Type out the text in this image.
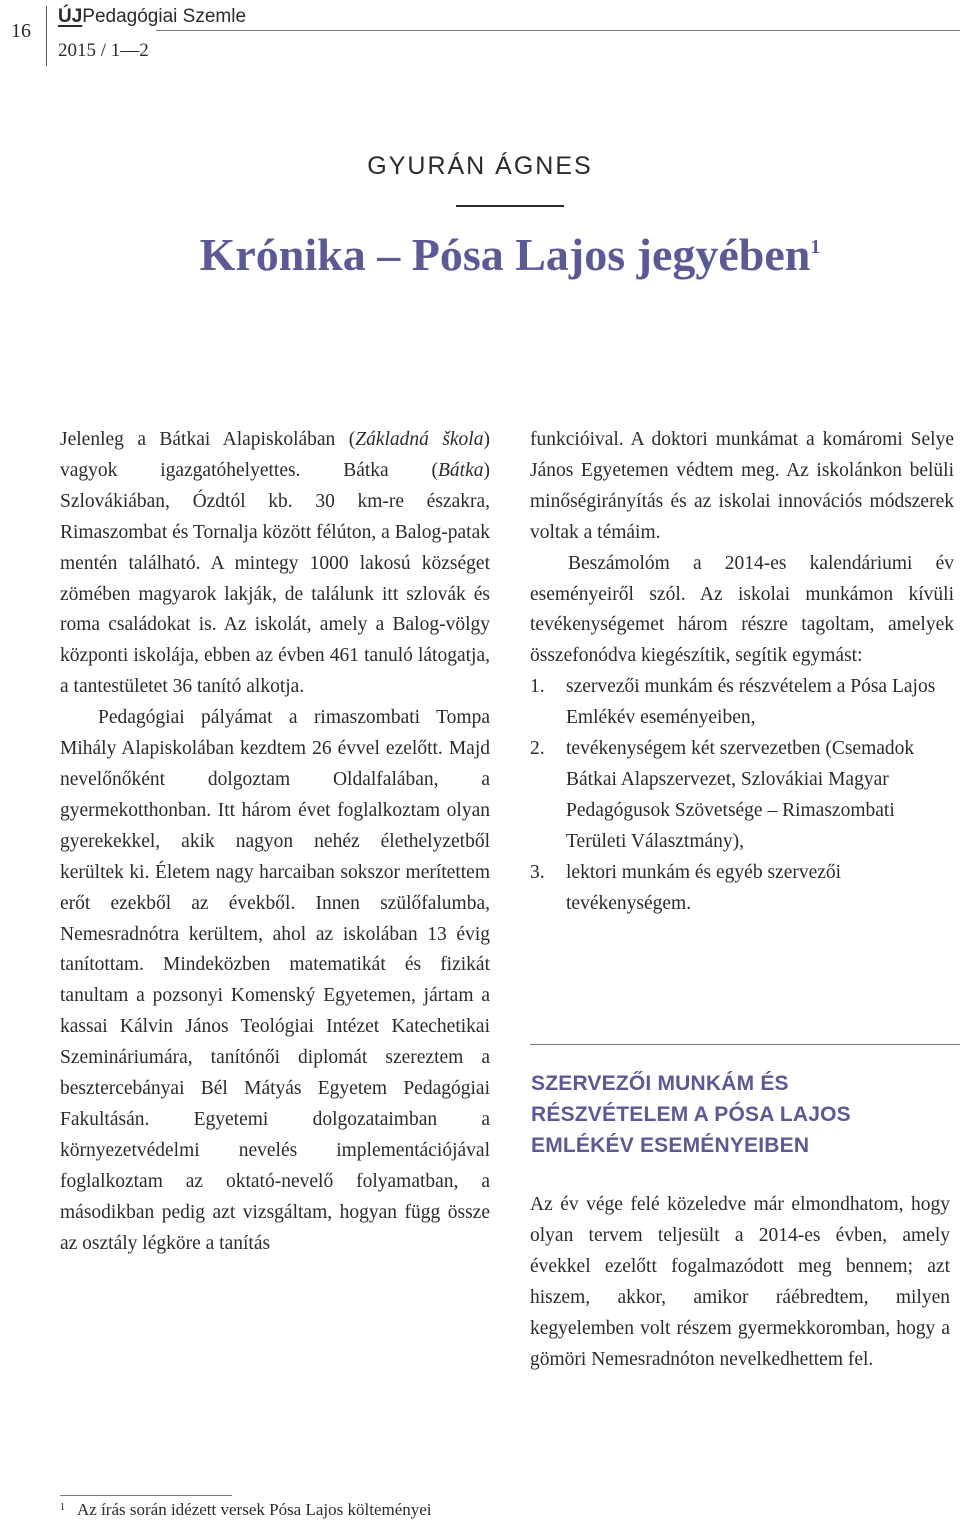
16
ÚJPedagógiai Szemle
2015 / 1—2
GYURÁN ÁGNES
Krónika – Pósa Lajos jegyében$^1$

Jelenleg a Bátkai Alapiskolában (Základná škola) vagyok igazgatóhelyettes. Bátka (Bátka) Szlovákiában, Ózdtól kb. 30 km-re északra, Rimaszombat és Tornalja között félúton, a Balog-patak mentén található. A mintegy 1000 lakosú községet zömében magyarok lakják, de találunk itt szlovák és roma családokat is. Az iskolát, amely a Balog-völgy központi iskolája, ebben az évben 461 tanuló látogatja, a tantestületet 36 tanító alkotja.

Pedagógiai pályámat a rimaszombati Tompa Mihály Alapiskolában kezdtem 26 évvel ezelőtt. Majd nevelőnőként dolgoztam Oldalfalában, a gyermekotthonban. Itt három évet foglalkoztam olyan gyerekekkel, akik nagyon nehéz élethelyzetből kerültek ki. Életem nagy harcaiban sokszor merítettem erőt ezekből az évekből. Innen szülőfalumba, Nemesradnótra kerültem, ahol az iskolában 13 évig tanítottam. Mindeközben matematikát és fizikát tanultam a pozsonyi Komenský Egyetemen, jártam a kassai Kálvin János Teológiai Intézet Katechetikai Szemináriumára, tanítónői diplomát szereztem a besztercebányai Bél Mátyás Egyetem Pedagógiai Fakultásán. Egyetemi dolgozataimban a környezetvédelmi nevelés implementációjával foglalkoztam az oktató-nevelő folyamatban, a másodikban pedig azt vizsgáltam, hogyan függ össze az osztály légköre a tanítás

funkcióival. A doktori munkámat a komáromi Selye János Egyetemen védtem meg. Az iskolánkon belüli minőségirányítás és az iskolai innovációs módszerek voltak a témáim.

Beszámolóm a 2014-es kalendáriumi év eseményeiről szól. Az iskolai munkámon kívüli tevékenységemet három részre tagoltam, amelyek összefonódva kiegészítik, segítik egymást:

1. szervezői munkám és részvételem a Pósa Lajos Emlékév eseményeiben,
2. tevékenységem két szervezetben (Csemadok Bátkai Alapszervezet, Szlovákiai Magyar Pedagógusok Szövetsége – Rimaszombati Területi Választmány),
3. lektori munkám és egyéb szervezői tevékenységem.
SZERVEZŐI MUNKÁM ÉS RÉSZVÉTELEM A PÓSA LAJOS EMLÉKÉV ESEMÉNYEIBEN

Az év vége felé közeledve már elmondhatom, hogy olyan tervem teljesült a 2014-es évben, amely évekkel ezelőtt fogalmazódott meg bennem; azt hiszem, akkor, amikor ráébredtem, milyen kegyelemben volt részem gyermekkoromban, hogy a gömöri Nemesradnóton nevelkedhettem fel.

$^1$ Az írás során idézett versek Pósa Lajos költeményei
